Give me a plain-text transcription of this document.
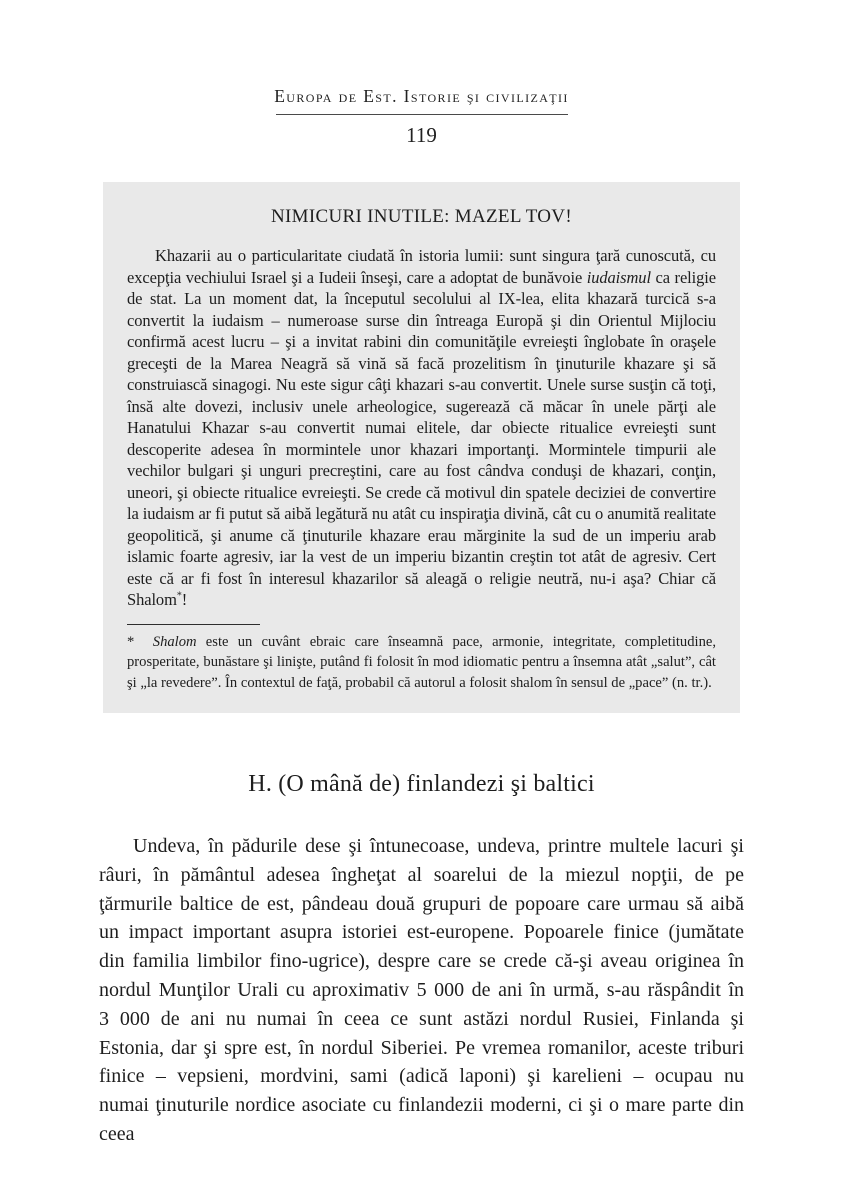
Europa de Est. Istorie şi civilizaţii
119
NIMICURI INUTILE: MAZEL TOV!

Khazarii au o particularitate ciudată în istoria lumii: sunt singura ţară cunoscută, cu excepţia vechiului Israel şi a Iudeii înseşi, care a adoptat de bunăvoie iudaismul ca religie de stat. La un moment dat, la începutul secolului al IX-lea, elita khazară turcică s-a convertit la iudaism – numeroase surse din întreaga Europă şi din Orientul Mijlociu confirmă acest lucru – şi a invitat rabini din comunităţile evreieşti înglobate în oraşele greceşti de la Marea Neagră să vină să facă prozelitism în ţinuturile khazare şi să construiască sinagogi. Nu este sigur câţi khazari s-au convertit. Unele surse susţin că toţi, însă alte dovezi, inclusiv unele arheologice, sugerează că măcar în unele părţi ale Hanatului Khazar s-au convertit numai elitele, dar obiecte ritualice evreieşti sunt descoperite adesea în mormintele unor khazari importanţi. Mormintele timpurii ale vechilor bulgari şi unguri precreştini, care au fost cândva conduşi de khazari, conţin, uneori, şi obiecte ritualice evreieşti. Se crede că motivul din spatele deciziei de convertire la iudaism ar fi putut să aibă legătură nu atât cu inspiraţia divină, cât cu o anumită realitate geopolitică, şi anume că ţinuturile khazare erau mărginite la sud de un imperiu arab islamic foarte agresiv, iar la vest de un imperiu bizantin creştin tot atât de agresiv. Cert este că ar fi fost în interesul khazarilor să aleagă o religie neutră, nu-i aşa? Chiar că Shalom*!

*  Shalom este un cuvânt ebraic care înseamnă pace, armonie, integritate, completitudine, prosperitate, bunăstare şi linişte, putând fi folosit în mod idiomatic pentru a însemna atât „salut”, cât şi „la revedere”. În contextul de faţă, probabil că autorul a folosit shalom în sensul de „pace” (n. tr.).

H. (O mână de) finlandezi şi baltici

Undeva, în pădurile dese şi întunecoase, undeva, printre multele lacuri şi râuri, în pământul adesea îngheţat al soarelui de la miezul nopţii, de pe ţărmurile baltice de est, pândeau două grupuri de popoare care urmau să aibă un impact important asupra istoriei est-europene. Popoarele finice (jumătate din familia limbilor fino-ugrice), despre care se crede că-şi aveau originea în nordul Munţilor Urali cu aproximativ 5 000 de ani în urmă, s-au răspândit în 3 000 de ani nu numai în ceea ce sunt astăzi nordul Rusiei, Finlanda şi Estonia, dar şi spre est, în nordul Siberiei. Pe vremea romanilor, aceste triburi finice – vepsieni, mordvini, sami (adică laponi) şi karelieni – ocupau nu numai ţinuturile nordice asociate cu finlandezii moderni, ci şi o mare parte din ceea
